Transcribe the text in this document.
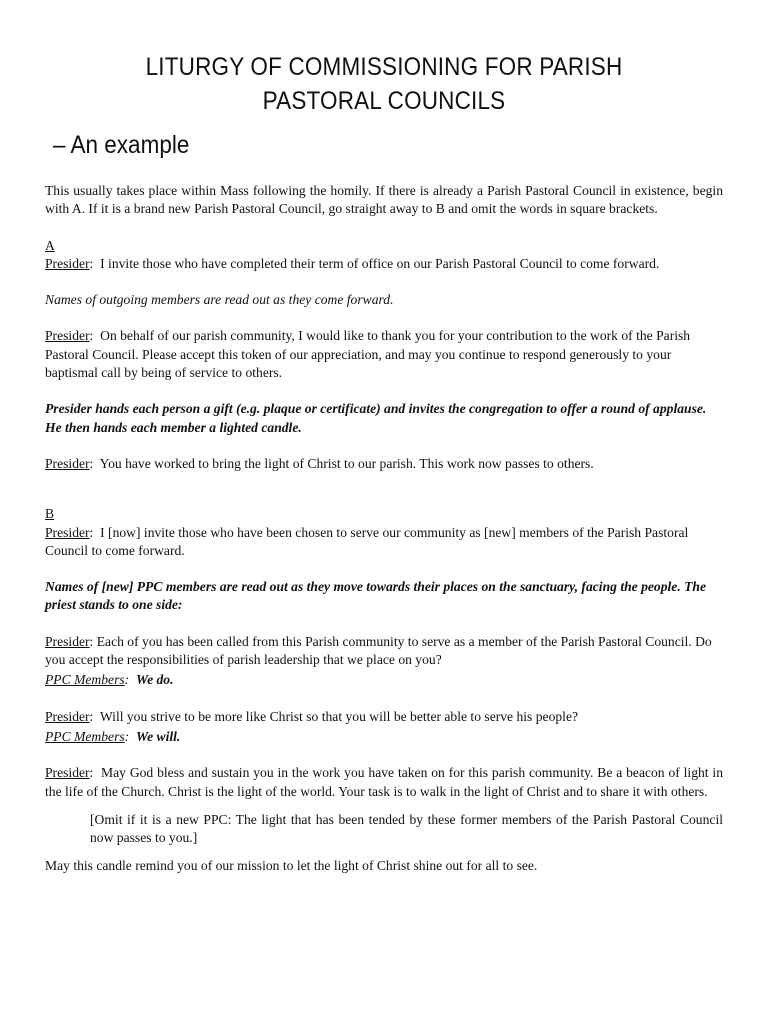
LITURGY OF COMMISSIONING FOR PARISH
PASTORAL COUNCILS
– An example

This usually takes place within Mass following the homily. If there is already a Parish Pastoral Council in existence, begin with A. If it is a brand new Parish Pastoral Council, go straight away to B and omit the words in square brackets.

A

Presider:  I invite those who have completed their term of office on our Parish Pastoral Council to come forward.

Names of outgoing members are read out as they come forward.

Presider:  On behalf of our parish community, I would like to thank you for your contribution to the work of the Parish Pastoral Council. Please accept this token of our appreciation, and may you continue to respond generously to your baptismal call by being of service to others.

Presider hands each person a gift (e.g. plaque or certificate) and invites the congregation to offer a round of applause. He then hands each member a lighted candle.

Presider:  You have worked to bring the light of Christ to our parish. This work now passes to others.

B

Presider:  I [now] invite those who have been chosen to serve our community as [new] members of the Parish Pastoral Council to come forward.

Names of [new] PPC members are read out as they move towards their places on the sanctuary, facing the people. The priest stands to one side:

Presider: Each of you has been called from this Parish community to serve as a member of the Parish Pastoral Council. Do you accept the responsibilities of parish leadership that we place on you?

PPC Members:  We do.

Presider:  Will you strive to be more like Christ so that you will be better able to serve his people?

PPC Members:  We will.

Presider:  May God bless and sustain you in the work you have taken on for this parish community. Be a beacon of light in the life of the Church. Christ is the light of the world. Your task is to walk in the light of Christ and to share it with others.

[Omit if it is a new PPC: The light that has been tended by these former members of the Parish Pastoral Council now passes to you.]

May this candle remind you of our mission to let the light of Christ shine out for all to see.
